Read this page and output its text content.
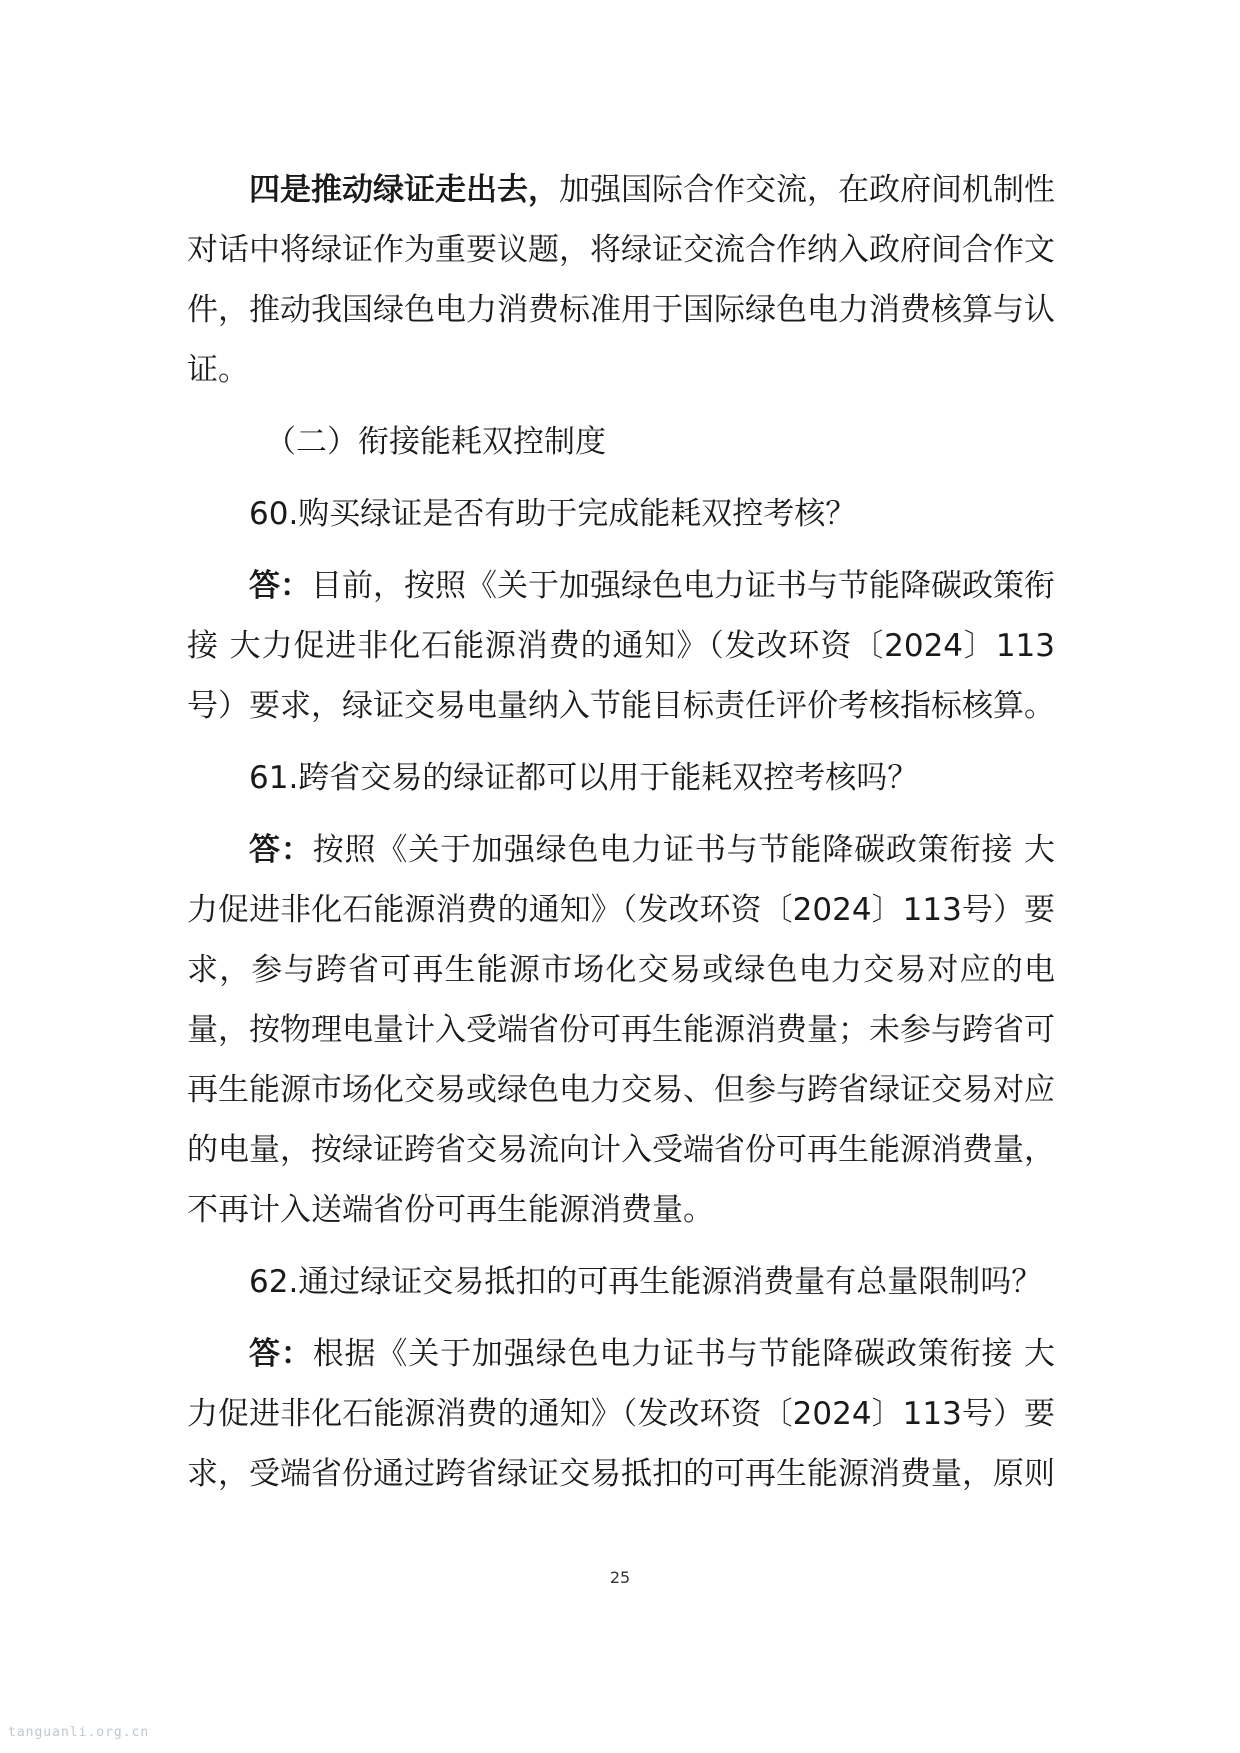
四是推动绿证走出去，加强国际合作交流，在政府间机制性对话中将绿证作为重要议题，将绿证交流合作纳入政府间合作文件，推动我国绿色电力消费标准用于国际绿色电力消费核算与认证。

（二）衔接能耗双控制度

60.购买绿证是否有助于完成能耗双控考核？

答：目前，按照《关于加强绿色电力证书与节能降碳政策衔接 大力促进非化石能源消费的通知》（发改环资〔2024〕113号）要求，绿证交易电量纳入节能目标责任评价考核指标核算。

61.跨省交易的绿证都可以用于能耗双控考核吗？

答：按照《关于加强绿色电力证书与节能降碳政策衔接 大力促进非化石能源消费的通知》（发改环资〔2024〕113号）要求，参与跨省可再生能源市场化交易或绿色电力交易对应的电量，按物理电量计入受端省份可再生能源消费量；未参与跨省可再生能源市场化交易或绿色电力交易、但参与跨省绿证交易对应的电量，按绿证跨省交易流向计入受端省份可再生能源消费量，不再计入送端省份可再生能源消费量。

62.通过绿证交易抵扣的可再生能源消费量有总量限制吗？

答：根据《关于加强绿色电力证书与节能降碳政策衔接 大力促进非化石能源消费的通知》（发改环资〔2024〕113号）要求，受端省份通过跨省绿证交易抵扣的可再生能源消费量，原则

25
tanguanli.org.cn
